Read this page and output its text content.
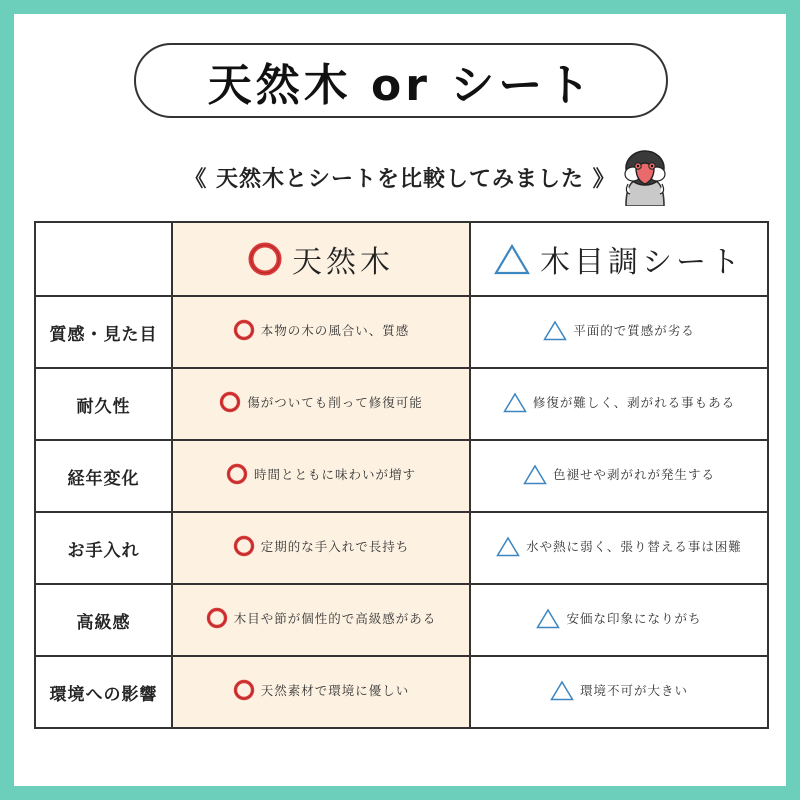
天然木 or シート
《 天然木とシートを比較してみました 》

	天然木	木目調シート

質感・見た目	本物の木の風合い、質感	平面的で質感が劣る

耐久性	傷がついても削って修復可能	修復が難しく、剥がれる事もある

経年変化	時間とともに味わいが増す	色褪せや剥がれが発生する

お手入れ	定期的な手入れで長持ち	水や熱に弱く、張り替える事は困難

高級感	木目や節が個性的で高級感がある	安価な印象になりがち

環境への影響	天然素材で環境に優しい	環境不可が大きい
